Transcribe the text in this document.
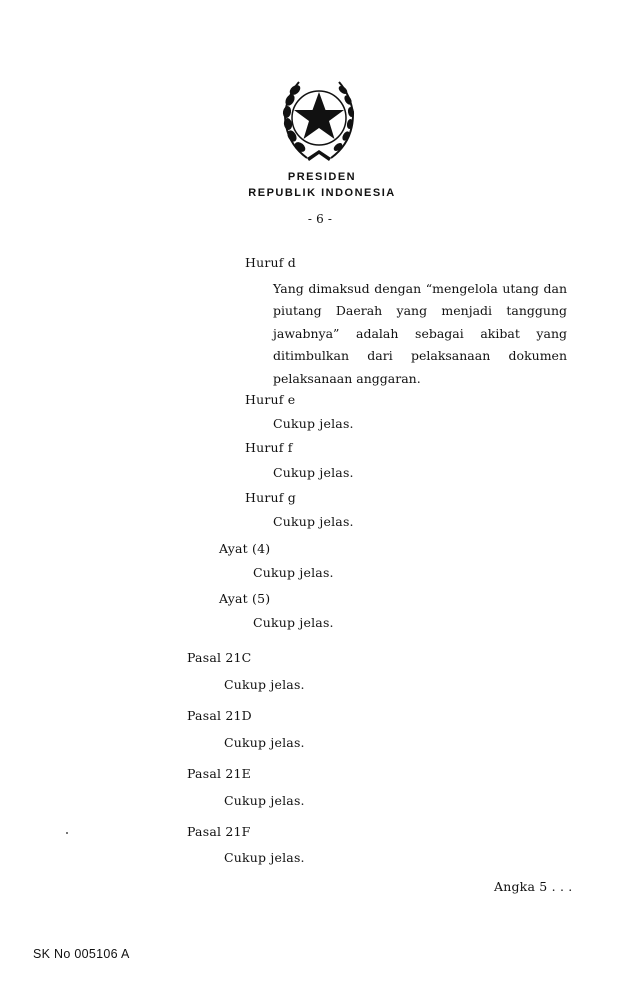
PRESIDEN
REPUBLIK INDONESIA
- 6 -
Huruf d
Yang dimaksud dengan “mengelola utang dan
piutang Daerah yang menjadi tanggung
jawabnya” adalah sebagai akibat yang
ditimbulkan dari pelaksanaan dokumen
pelaksanaan anggaran.
Huruf e
Cukup jelas.
Huruf f
Cukup jelas.
Huruf g
Cukup jelas.
Ayat (4)
Cukup jelas.
Ayat (5)
Cukup jelas.
Pasal 21C
Cukup jelas.
Pasal 21D
Cukup jelas.
Pasal 21E
Cukup jelas.
Pasal 21F
Cukup jelas.
Angka 5 . . .
SK No 005106 A
